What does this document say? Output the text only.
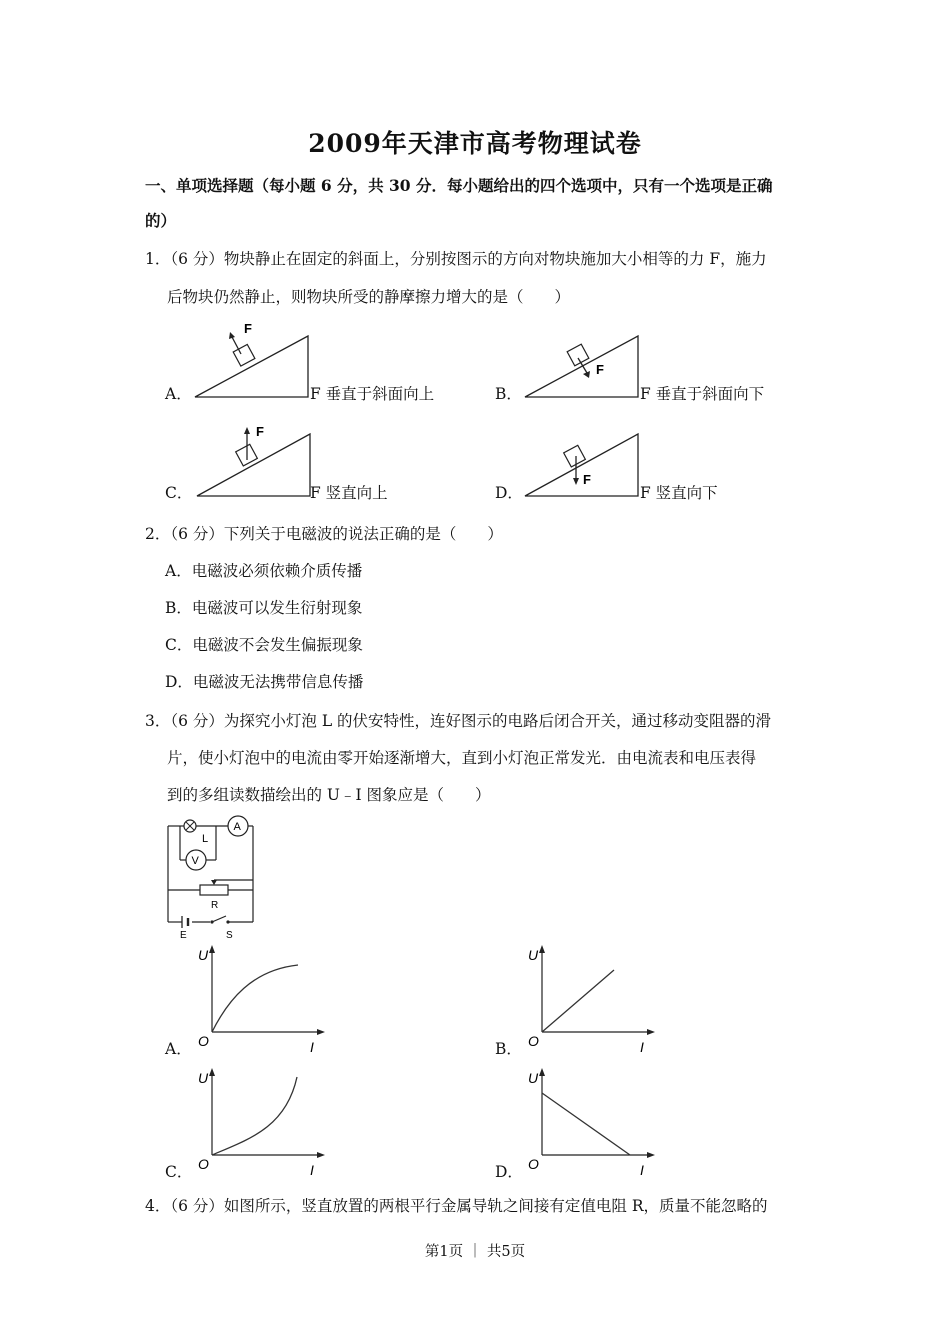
2009年天津市高考物理试卷
一、单项选择题（每小题 6 分，共 30 分．每小题给出的四个选项中，只有一个选项是正确
的）
1．（6 分）物块静止在固定的斜面上，分别按图示的方向对物块施加大小相等的力 F，施力
后物块仍然静止，则物块所受的静摩擦力增大的是（　　）
A．
F
F 垂直于斜面向上	B．
F
F 垂直于斜面向下
C．
F
F 竖直向上	D．
F
F 竖直向下
2．（6 分）下列关于电磁波的说法正确的是（　　）
A．电磁波必须依赖介质传播
B．电磁波可以发生衍射现象
C．电磁波不会发生偏振现象
D．电磁波无法携带信息传播
3．（6 分）为探究小灯泡 L 的伏安特性，连好图示的电路后闭合开关，通过移动变阻器的滑
片，使小灯泡中的电流由零开始逐渐增大，直到小灯泡正常发光．由电流表和电压表得
到的多组读数描绘出的 U﹣I 图象应是（　　）
L
A
V
R
E	S
A．
U
O	I	B．
U
O	I
C．
U
O	I	D．
U
O	I
4．（6 分）如图所示，竖直放置的两根平行金属导轨之间接有定值电阻 R，质量不能忽略的
第1页 ｜ 共5页
